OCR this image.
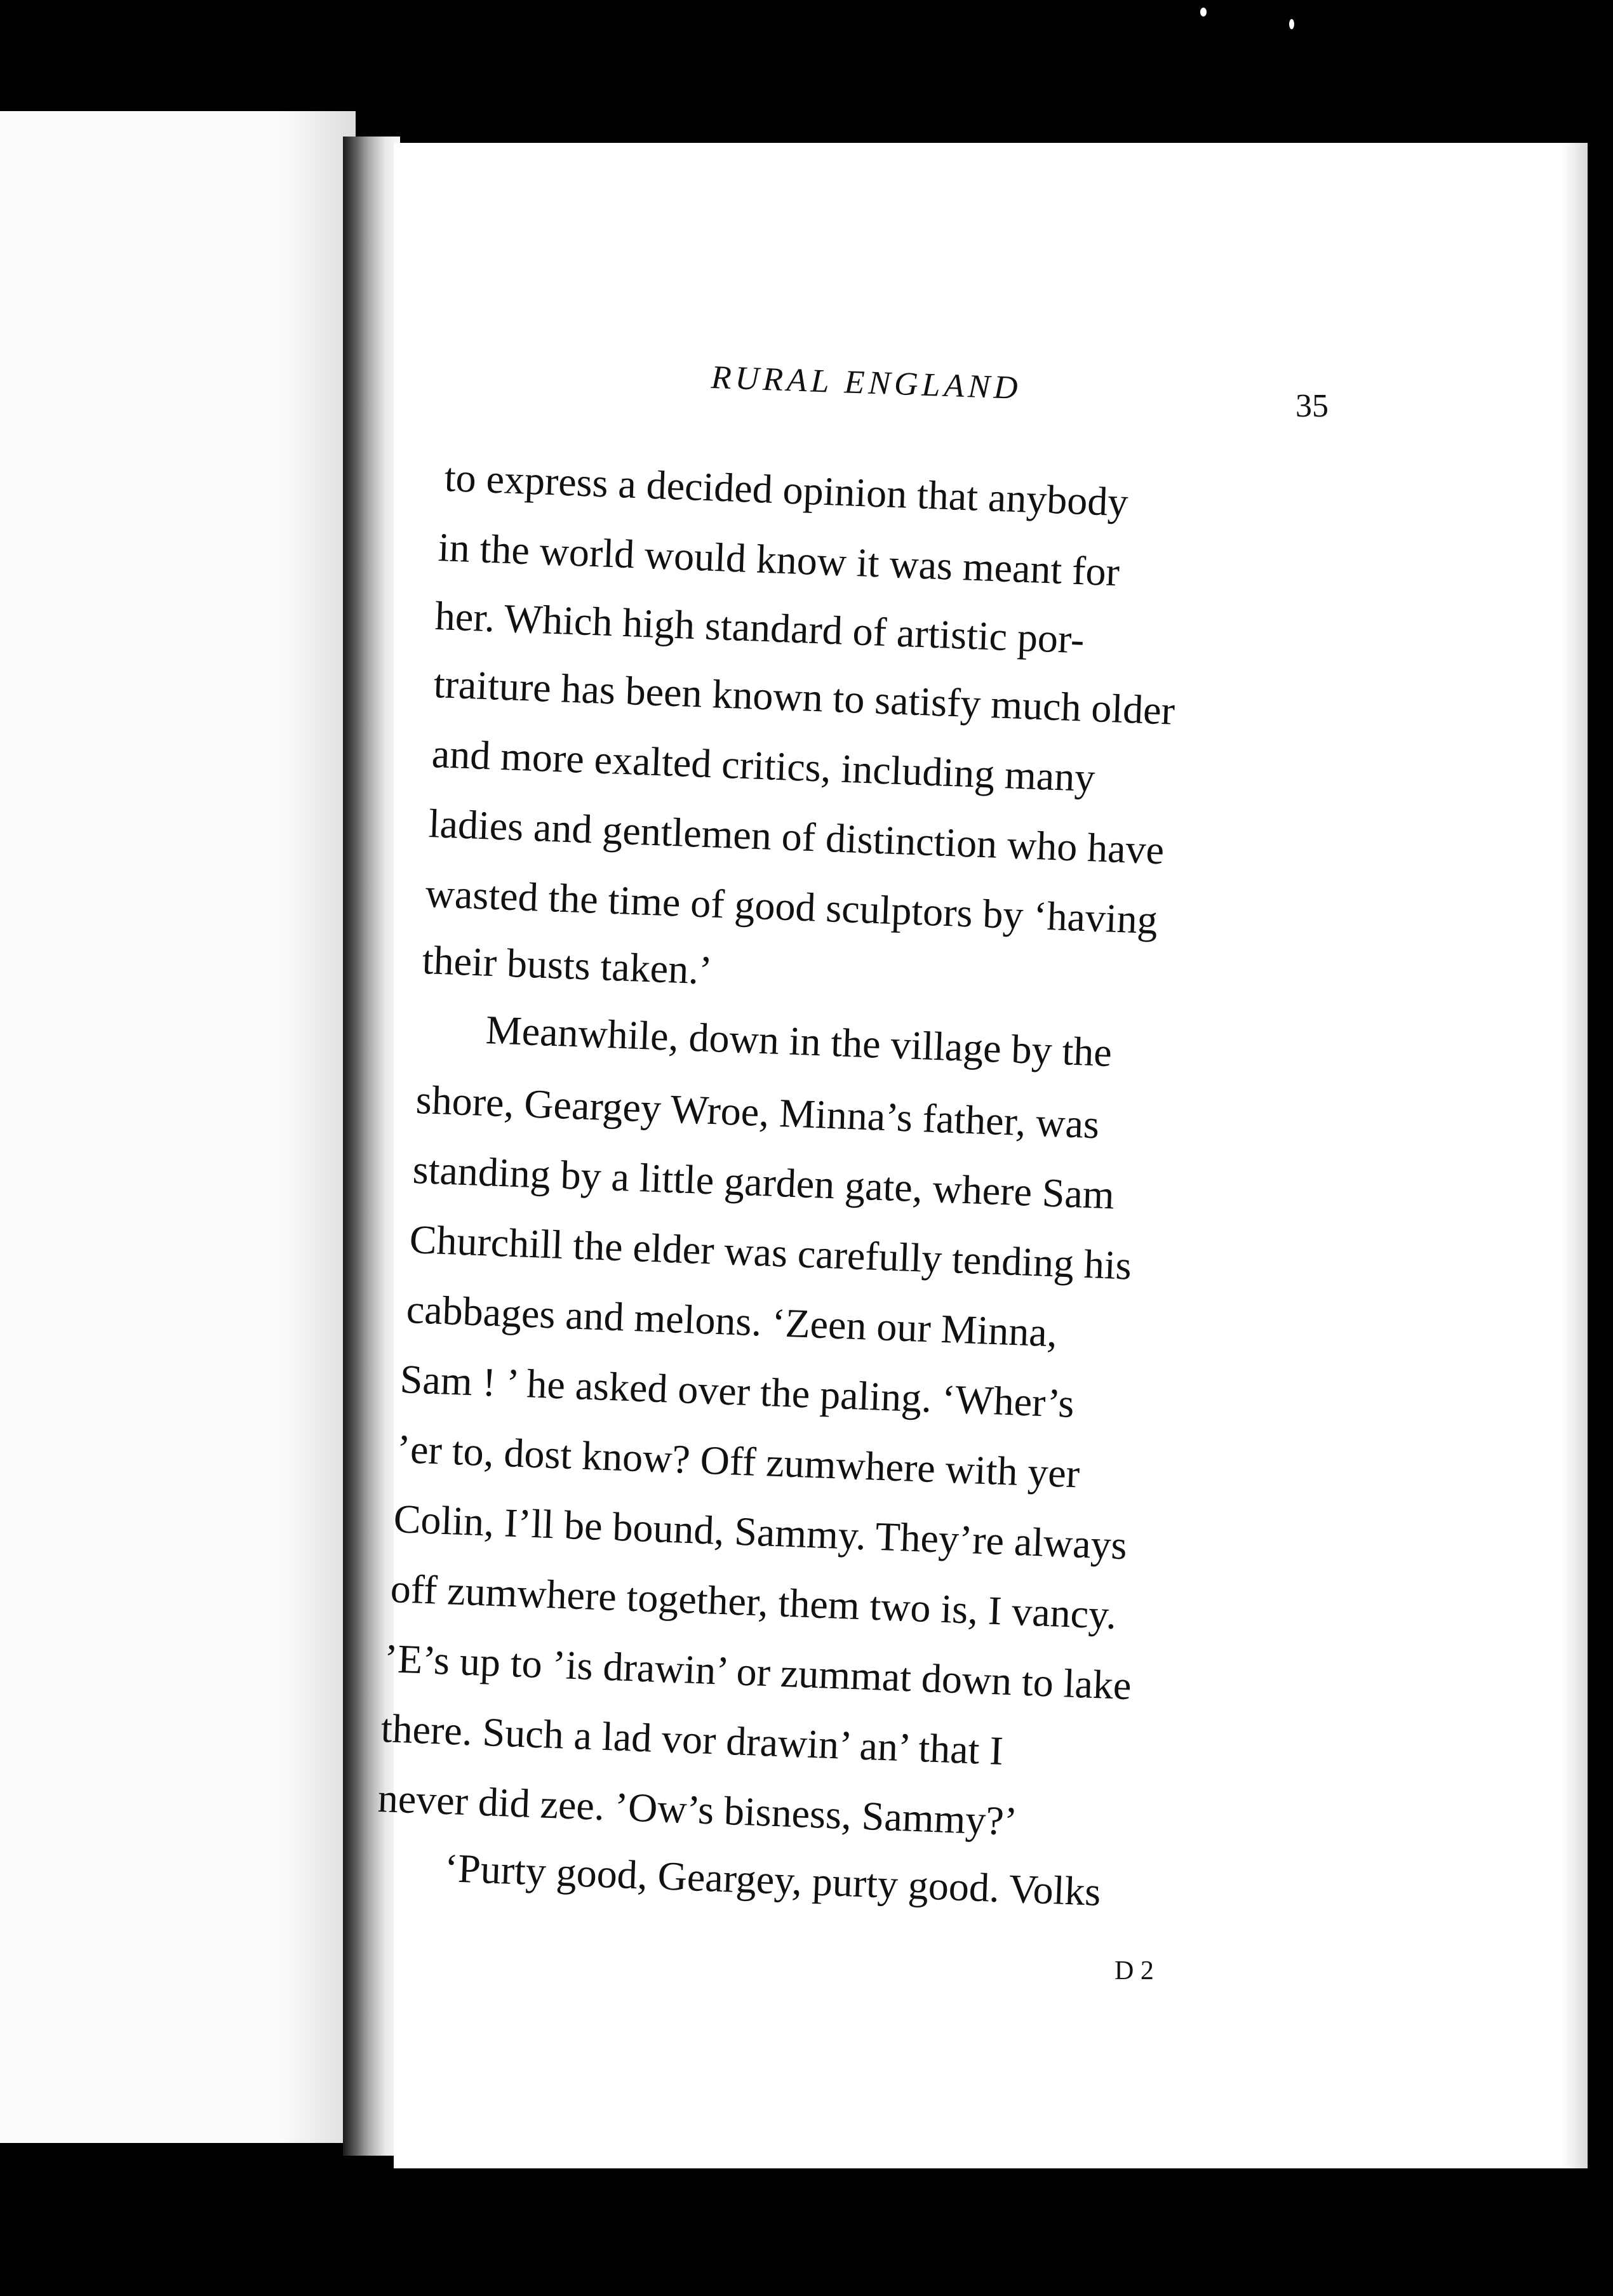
RURAL ENGLAND	35
to express a decided opinion that anybody
in the world would know it was meant for
her. Which high standard of artistic por-
traiture has been known to satisfy much older
and more exalted critics, including many
ladies and gentlemen of distinction who have
wasted the time of good sculptors by ‘having
their busts taken.’
Meanwhile, down in the village by the
shore, Geargey Wroe, Minna’s father, was
standing by a little garden gate, where Sam
Churchill the elder was carefully tending his
cabbages and melons. ‘Zeen our Minna,
Sam ! ’ he asked over the paling. ‘Wher’s
’er to, dost know? Off zumwhere with yer
Colin, I’ll be bound, Sammy. They’re always
off zumwhere together, them two is, I vancy.
’E’s up to ’is drawin’ or zummat down to lake
there. Such a lad vor drawin’ an’ that I
never did zee. ’Ow’s bisness, Sammy?’
‘Purty good, Geargey, purty good. Volks
D 2
